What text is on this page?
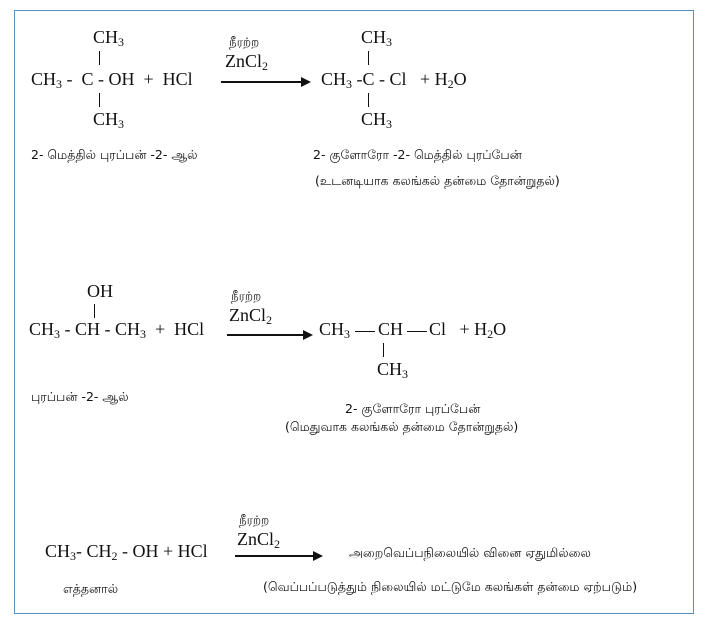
$CH_3$
$CH_3$ -  C - OH  +  HCl
$CH_3$
நீரற்ற
ZnCl$_2$
$CH_3$
$CH_3$ $-C - Cl + H_2O$
$CH_3$
2- மெத்தில் புரப்பன் -2- ஆல்	2- குளோரோ -2- மெத்தில் புரப்பேன்
(உடனடியாக கலங்கல் தன்மை தோன்றுதல்)
OH
$CH_3$ - CH - $CH_3$  +  HCl
நீரற்ற
ZnCl$_2$	$CH_3$ CH $Cl + H_2O$
$CH_3$
புரப்பன் -2- ஆல்
2- குளோரோ புரப்பேன்
(மெதுவாக கலங்கல் தன்மை தோன்றுதல்)
நீரற்ற
ZnCl$_2$
$CH_3-$ $CH_2$ - OH + HCl	அறைவெப்பநிலையில் வினை ஏதுமில்லை
எத்தனால்	(வெப்பப்படுத்தும் நிலையில் மட்டுமே கலங்கள் தன்மை ஏற்படும்)
